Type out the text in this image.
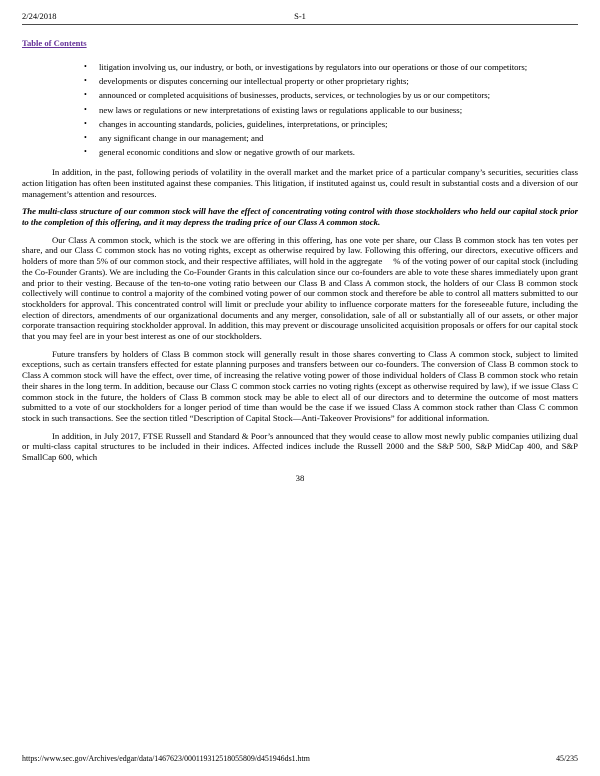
2/24/2018	S-1
Table of Contents
•	litigation involving us, our industry, or both, or investigations by regulators into our operations or those of our competitors;
•	developments or disputes concerning our intellectual property or other proprietary rights;
•	announced or completed acquisitions of businesses, products, services, or technologies by us or our competitors;
•	new laws or regulations or new interpretations of existing laws or regulations applicable to our business;
•	changes in accounting standards, policies, guidelines, interpretations, or principles;
•	any significant change in our management; and
•	general economic conditions and slow or negative growth of our markets.

In addition, in the past, following periods of volatility in the overall market and the market price of a particular company’s securities, securities class action litigation has often been instituted against these companies. This litigation, if instituted against us, could result in substantial costs and a diversion of our management’s attention and resources.

The multi-class structure of our common stock will have the effect of concentrating voting control with those stockholders who held our capital stock prior to the completion of this offering, and it may depress the trading price of our Class A common stock.

Our Class A common stock, which is the stock we are offering in this offering, has one vote per share, our Class B common stock has ten votes per share, and our Class C common stock has no voting rights, except as otherwise required by law. Following this offering, our directors, executive officers and holders of more than 5% of our common stock, and their respective affiliates, will hold in the aggregate     % of the voting power of our capital stock (including the Co-Founder Grants). We are including the Co-Founder Grants in this calculation since our co-founders are able to vote these shares immediately upon grant and prior to their vesting. Because of the ten-to-one voting ratio between our Class B and Class A common stock, the holders of our Class B common stock collectively will continue to control a majority of the combined voting power of our common stock and therefore be able to control all matters submitted to our stockholders for approval. This concentrated control will limit or preclude your ability to influence corporate matters for the foreseeable future, including the election of directors, amendments of our organizational documents and any merger, consolidation, sale of all or substantially all of our assets, or other major corporate transaction requiring stockholder approval. In addition, this may prevent or discourage unsolicited acquisition proposals or offers for our capital stock that you may feel are in your best interest as one of our stockholders.

Future transfers by holders of Class B common stock will generally result in those shares converting to Class A common stock, subject to limited exceptions, such as certain transfers effected for estate planning purposes and transfers between our co-founders. The conversion of Class B common stock to Class A common stock will have the effect, over time, of increasing the relative voting power of those individual holders of Class B common stock who retain their shares in the long term. In addition, because our Class C common stock carries no voting rights (except as otherwise required by law), if we issue Class C common stock in the future, the holders of Class B common stock may be able to elect all of our directors and to determine the outcome of most matters submitted to a vote of our stockholders for a longer period of time than would be the case if we issued Class A common stock rather than Class C common stock in such transactions. See the section titled “Description of Capital Stock—Anti-Takeover Provisions” for additional information.

In addition, in July 2017, FTSE Russell and Standard & Poor’s announced that they would cease to allow most newly public companies utilizing dual or multi-class capital structures to be included in their indices. Affected indices include the Russell 2000 and the S&P 500, S&P MidCap 400, and S&P SmallCap 600, which

38
https://www.sec.gov/Archives/edgar/data/1467623/000119312518055809/d451946ds1.htm	45/235
